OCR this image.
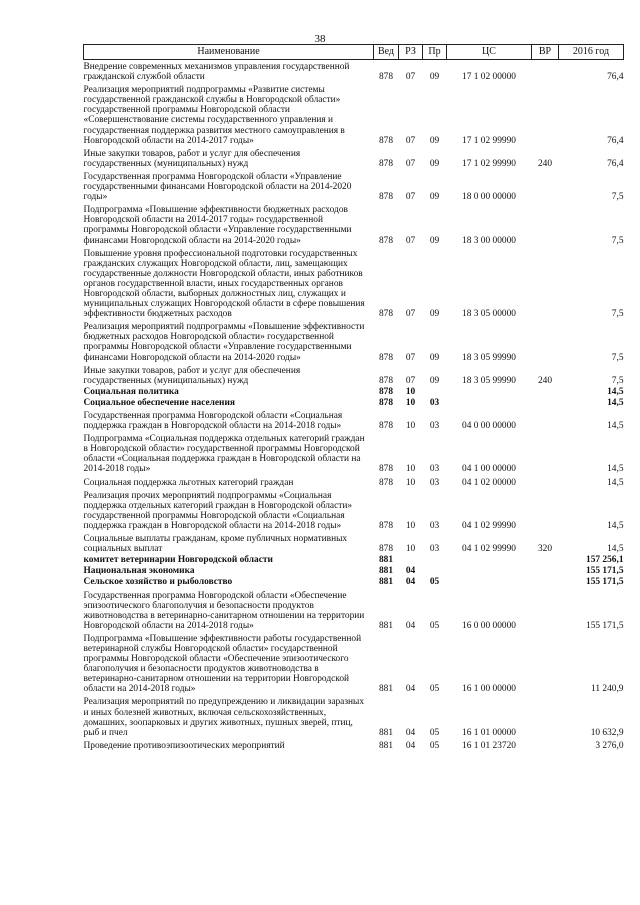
38
Наименование	Вед	РЗ	Пр	ЦС	ВР	2016 год
Внедрение современных механизмов управления государственной гражданской службой области	878	07	09	17 1 02 00000		76,4
Реализация мероприятий подпрограммы «Развитие системы государственной гражданской службы в Новгородской области» государственной программы Новгородской области «Совершенствование системы государственного управления и государственная поддержка развития местного самоуправления в Новгородской области на 2014-2017 годы»	878	07	09	17 1 02 99990		76,4
Иные закупки товаров, работ и услуг для обеспечения государственных (муниципальных) нужд	878	07	09	17 1 02 99990	240	76,4
Государственная программа Новгородской области «Управление государственными финансами Новгородской области на 2014-2020 годы»	878	07	09	18 0 00 00000		7,5
Подпрограмма «Повышение эффективности бюджетных расходов Новгородской области на 2014-2017 годы» государственной программы Новгородской области «Управление государственными финансами Новгородской области на 2014-2020 годы»	878	07	09	18 3 00 00000		7,5
Повышение уровня профессиональной подготовки государственных гражданских служащих Новгородской области, лиц, замещающих государственные должности Новгородской области, иных работников органов государственной власти, иных государственных органов Новгородской области, выборных должностных лиц, служащих и муниципальных служащих Новгородской области в сфере повышения эффективности бюджетных расходов	878	07	09	18 3 05 00000		7,5
Реализация мероприятий подпрограммы «Повышение эффективности бюджетных расходов Новгородской области» государственной программы Новгородской области «Управление государственными финансами Новгородской области на 2014-2020 годы»	878	07	09	18 3 05 99990		7,5
Иные закупки товаров, работ и услуг для обеспечения государственных (муниципальных) нужд	878	07	09	18 3 05 99990	240	7,5
Социальная политика	878	10				14,5
Социальное обеспечение населения	878	10	03			14,5
Государственная программа Новгородской области «Социальная поддержка граждан в Новгородской области на 2014-2018 годы»	878	10	03	04 0 00 00000		14,5
Подпрограмма «Социальная поддержка отдельных категорий граждан в Новгородской области» государственной программы Новгородской области «Социальная поддержка граждан в Новгородской области на 2014-2018 годы»	878	10	03	04 1 00 00000		14,5
Социальная поддержка льготных категорий граждан	878	10	03	04 1 02 00000		14,5
Реализация прочих мероприятий подпрограммы «Социальная поддержка отдельных категорий граждан в Новгородской области» государственной программы Новгородской области «Социальная поддержка граждан в Новгородской области на 2014-2018 годы»	878	10	03	04 1 02 99990		14,5
Социальные выплаты гражданам, кроме публичных нормативных социальных выплат	878	10	03	04 1 02 99990	320	14,5
комитет ветеринарии Новгородской области	881					157 256,1
Национальная экономика	881	04				155 171,5
Сельское хозяйство и рыболовство	881	04	05			155 171,5
Государственная программа Новгородской области «Обеспечение эпизоотического благополучия и безопасности продуктов животноводства в ветеринарно-санитарном отношении на территории Новгородской области на 2014-2018 годы»	881	04	05	16 0 00 00000		155 171,5
Подпрограмма «Повышение эффективности работы государственной ветеринарной службы Новгородской области» государственной программы Новгородской области «Обеспечение эпизоотического благополучия и безопасности продуктов животноводства в ветеринарно-санитарном отношении на территории Новгородской области на 2014-2018 годы»	881	04	05	16 1 00 00000		11 240,9
Реализация мероприятий по предупреждению и ликвидации заразных и иных болезней животных, включая сельскохозяйственных, домашних, зоопарковых и других животных, пушных зверей, птиц, рыб и пчел	881	04	05	16 1 01 00000		10 632,9
Проведение противоэпизоотических мероприятий	881	04	05	16 1 01 23720		3 276,0
